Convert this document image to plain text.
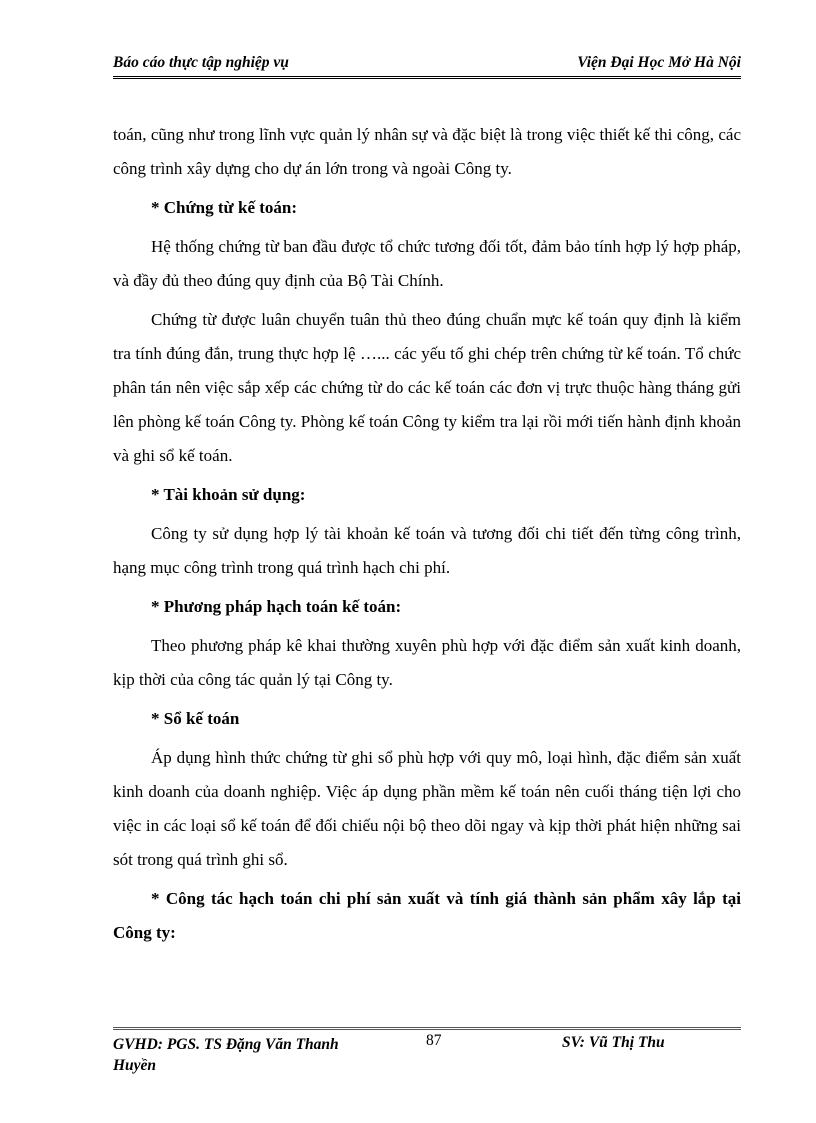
Báo cáo thực tập nghiệp vụ	Viện Đại Học Mở Hà Nội

toán, cũng như trong lĩnh vực quản lý nhân sự và đặc biệt là trong việc thiết kế thi công, các công trình xây dựng cho dự án lớn trong và ngoài Công ty.

* Chứng từ kế toán:

Hệ thống chứng từ ban đầu được tổ chức tương đối tốt, đảm bảo tính hợp lý hợp pháp, và đầy đủ theo đúng quy định của Bộ Tài Chính.

Chứng từ được luân chuyển tuân thủ theo đúng chuẩn mực kế toán quy định là kiểm tra tính đúng đắn, trung thực hợp lệ …... các yếu tố ghi chép trên chứng từ kế toán. Tổ chức phân tán nên việc sắp xếp các chứng từ do các kế toán các đơn vị trực thuộc hàng tháng gửi lên phòng kế toán Công ty. Phòng kế toán Công ty kiểm tra lại rồi mới tiến hành định khoản và ghi sổ kế toán.

* Tài khoản sử dụng:

Công ty sử dụng hợp lý tài khoản kế toán và tương đối chi tiết đến từng công trình, hạng mục công trình trong quá trình hạch chi phí.

* Phương pháp hạch toán kế toán:

Theo phương pháp kê khai thường xuyên phù hợp với đặc điểm sản xuất kinh doanh, kịp thời của công tác quản lý tại Công ty.

* Sổ kế toán

Áp dụng hình thức chứng từ ghi sổ phù hợp với quy mô, loại hình, đặc điểm sản xuất kinh doanh của doanh nghiệp. Việc áp dụng phần mềm kế toán nên cuối tháng tiện lợi cho việc in các loại sổ kế toán để đối chiếu nội bộ theo dõi ngay và kịp thời phát hiện những sai sót trong quá trình ghi sổ.

* Công tác hạch toán chi phí sản xuất và tính giá thành sản phẩm xây lắp tại Công ty:

GVHD: PGS. TS Đặng Văn Thanh Huyền
87	SV: Vũ Thị Thu
